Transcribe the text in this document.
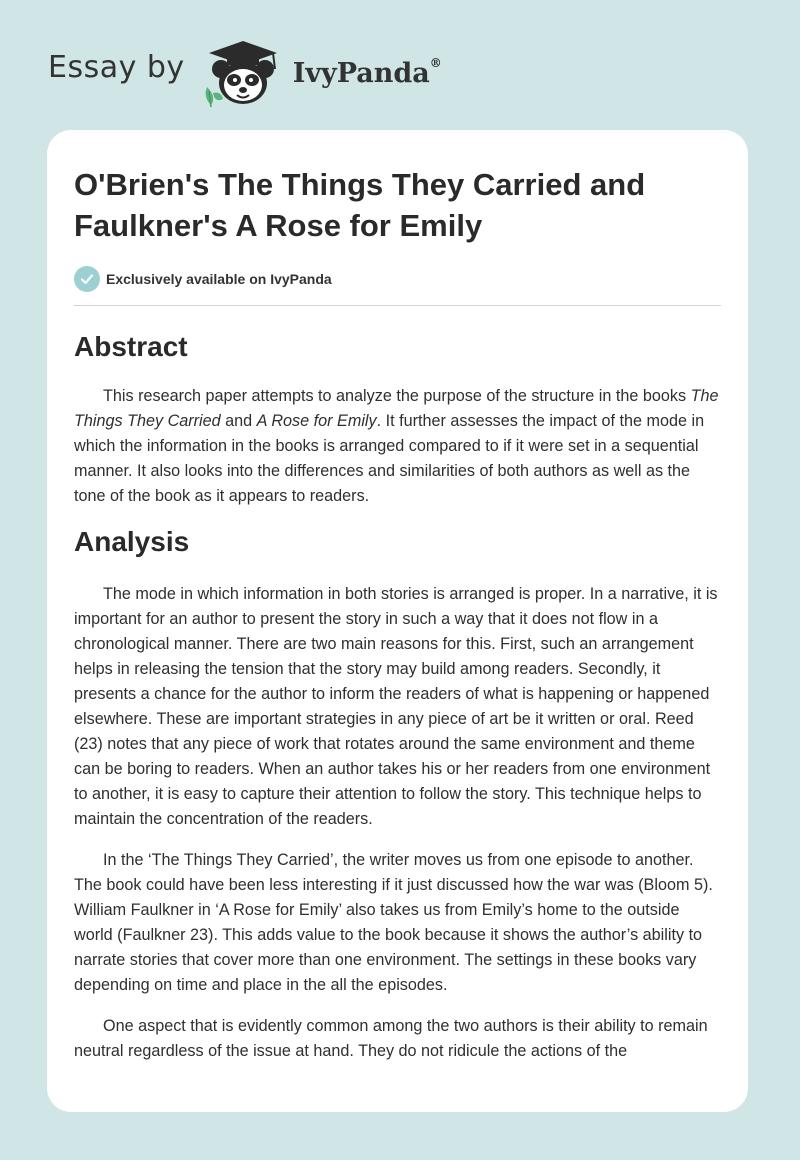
Essay by	IvyPanda®
O'Brien's The Things They Carried and
Faulkner's A Rose for Emily
Exclusively available on IvyPanda
Abstract

This research paper attempts to analyze the purpose of the structure in the books The Things They Carried and A Rose for Emily. It further assesses the impact of the mode in which the information in the books is arranged compared to if it were set in a sequential manner. It also looks into the differences and similarities of both authors as well as the tone of the book as it appears to readers.

Analysis

The mode in which information in both stories is arranged is proper. In a narrative, it is important for an author to present the story in such a way that it does not flow in a chronological manner. There are two main reasons for this. First, such an arrangement helps in releasing the tension that the story may build among readers. Secondly, it presents a chance for the author to inform the readers of what is happening or happened elsewhere. These are important strategies in any piece of art be it written or oral. Reed (23) notes that any piece of work that rotates around the same environment and theme can be boring to readers. When an author takes his or her readers from one environment to another, it is easy to capture their attention to follow the story. This technique helps to maintain the concentration of the readers.

In the ‘The Things They Carried’, the writer moves us from one episode to another. The book could have been less interesting if it just discussed how the war was (Bloom 5). William Faulkner in ‘A Rose for Emily’ also takes us from Emily’s home to the outside world (Faulkner 23). This adds value to the book because it shows the author’s ability to narrate stories that cover more than one environment. The settings in these books vary depending on time and place in the all the episodes.

One aspect that is evidently common among the two authors is their ability to remain neutral regardless of the issue at hand. They do not ridicule the actions of the
